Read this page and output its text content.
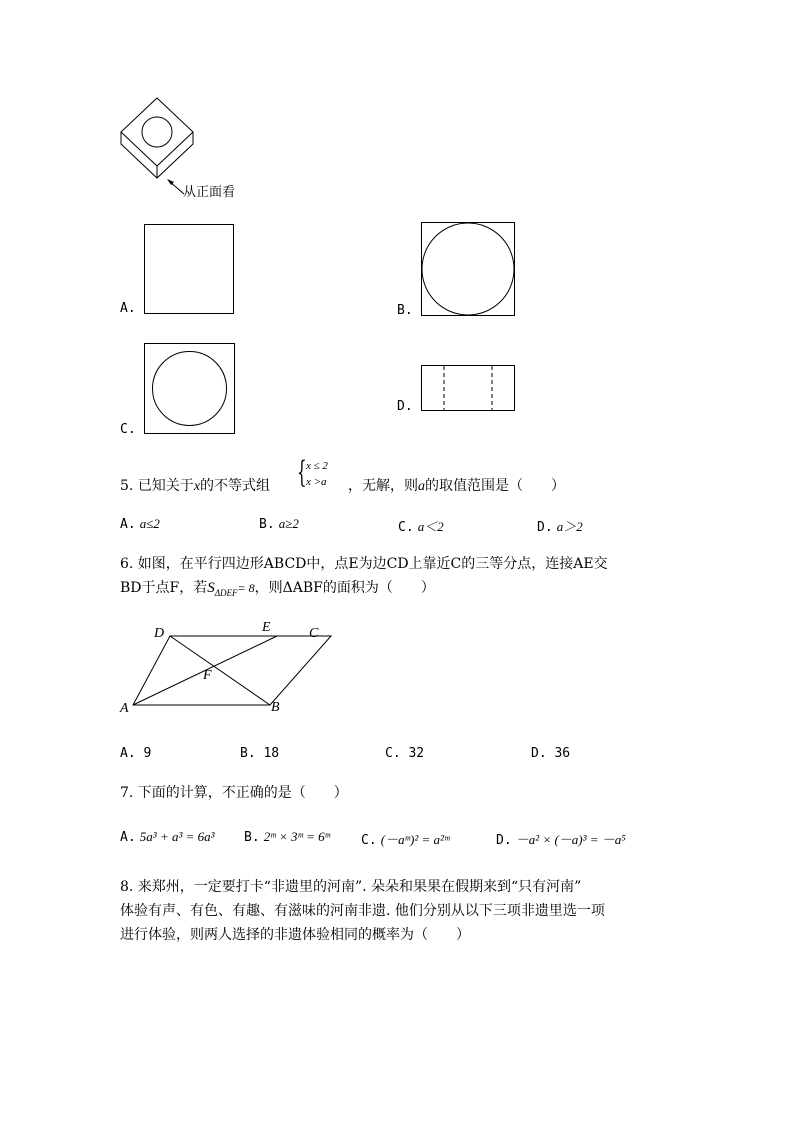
从正面看
A.	B.
C.
D.
5. 已知关于x的不等式组 { x ≤ 2
x >a ，无解，则a的取值范围是（　　）
A. a≤2	B. a≥2	C. a＜2	D. a＞2
6. 如图，在平行四边形ABCD中，点E为边CD上靠近C的三等分点，连接AE交
BD于点F，若$S_{\Delta DEF}= 8$，则ΔABF的面积为（　　）
D	E	C
F
A	B
A. 9	B. 18	C. 32	D. 36
7. 下面的计算，不正确的是（　　）
A. 5a³ + a³ = 6a³ B. 2ᵐ × 3ᵐ = 6ᵐ C. (－aᵐ)² = a²ᵐ	D. －a² × (－a)³ = －a⁵
8. 来郑州，一定要打卡“非遗里的河南”. 朵朵和果果在假期来到“只有河南”
体验有声、有色、有趣、有滋味的河南非遗. 他们分别从以下三项非遗里选一项
进行体验，则两人选择的非遗体验相同的概率为（　　）
